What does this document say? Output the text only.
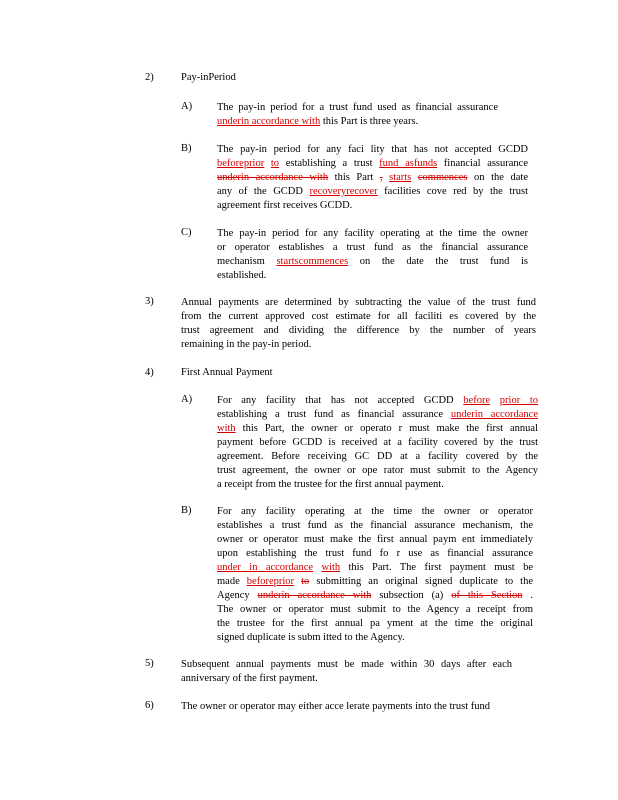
2)	Pay-inPeriod
A) The pay-in period for a trust fund used as financial assurance
underin accordance with this Part is three years.
B) The pay-in period for any faci lity that has not accepted GCDD
beforeprior to establishing a trust fund asfunds financial assurance
underin accordance with this Part , starts commences on the date
any of the GCDD recoveryrecover facilities cove red by the trust
agreement first receives GCDD.
C) The pay-in period for any facility operating at the time the owner
or operator establishes a trust fund as the financial assurance
mechanism startscommences on the date the trust fund is
established.
3)	Annual payments are determined by subtracting the value of the trust fund
from the current approved cost estimate for all faciliti es covered by the
trust agreement and dividing the difference by the number of years
remaining in the pay-in period.
4)	First Annual Payment
A) For any facility that has not accepted GCDD before prior to
establishing a trust fund as financial assurance underin accordance
with this Part, the owner or operato r must make the first annual
payment before GCDD is received at a facility covered by the trust
agreement. Before receiving GC DD at a facility covered by the
trust agreement, the owner or ope rator must submit to the Agency
a receipt from the trustee for the first annual payment.
B) For any facility operating at the time the owner or operator
establishes a trust fund as the financial assurance mechanism, the
owner or operator must make the first annual paym ent immediately
upon establishing the trust fund fo r use as financial assurance
under in accordance with this Part. The first payment must be
made beforeprior to submitting an original signed duplicate to the
Agency underin accordance with subsection (a) of this Section .
The owner or operator must submit to the Agency a receipt from
the trustee for the first annual pa yment at the time the original
signed duplicate is subm itted to the Agency.
5)	Subsequent annual payments must be made within 30 days after each
anniversary of the first payment.
6)	The owner or operator may either acce lerate payments into the trust fund
